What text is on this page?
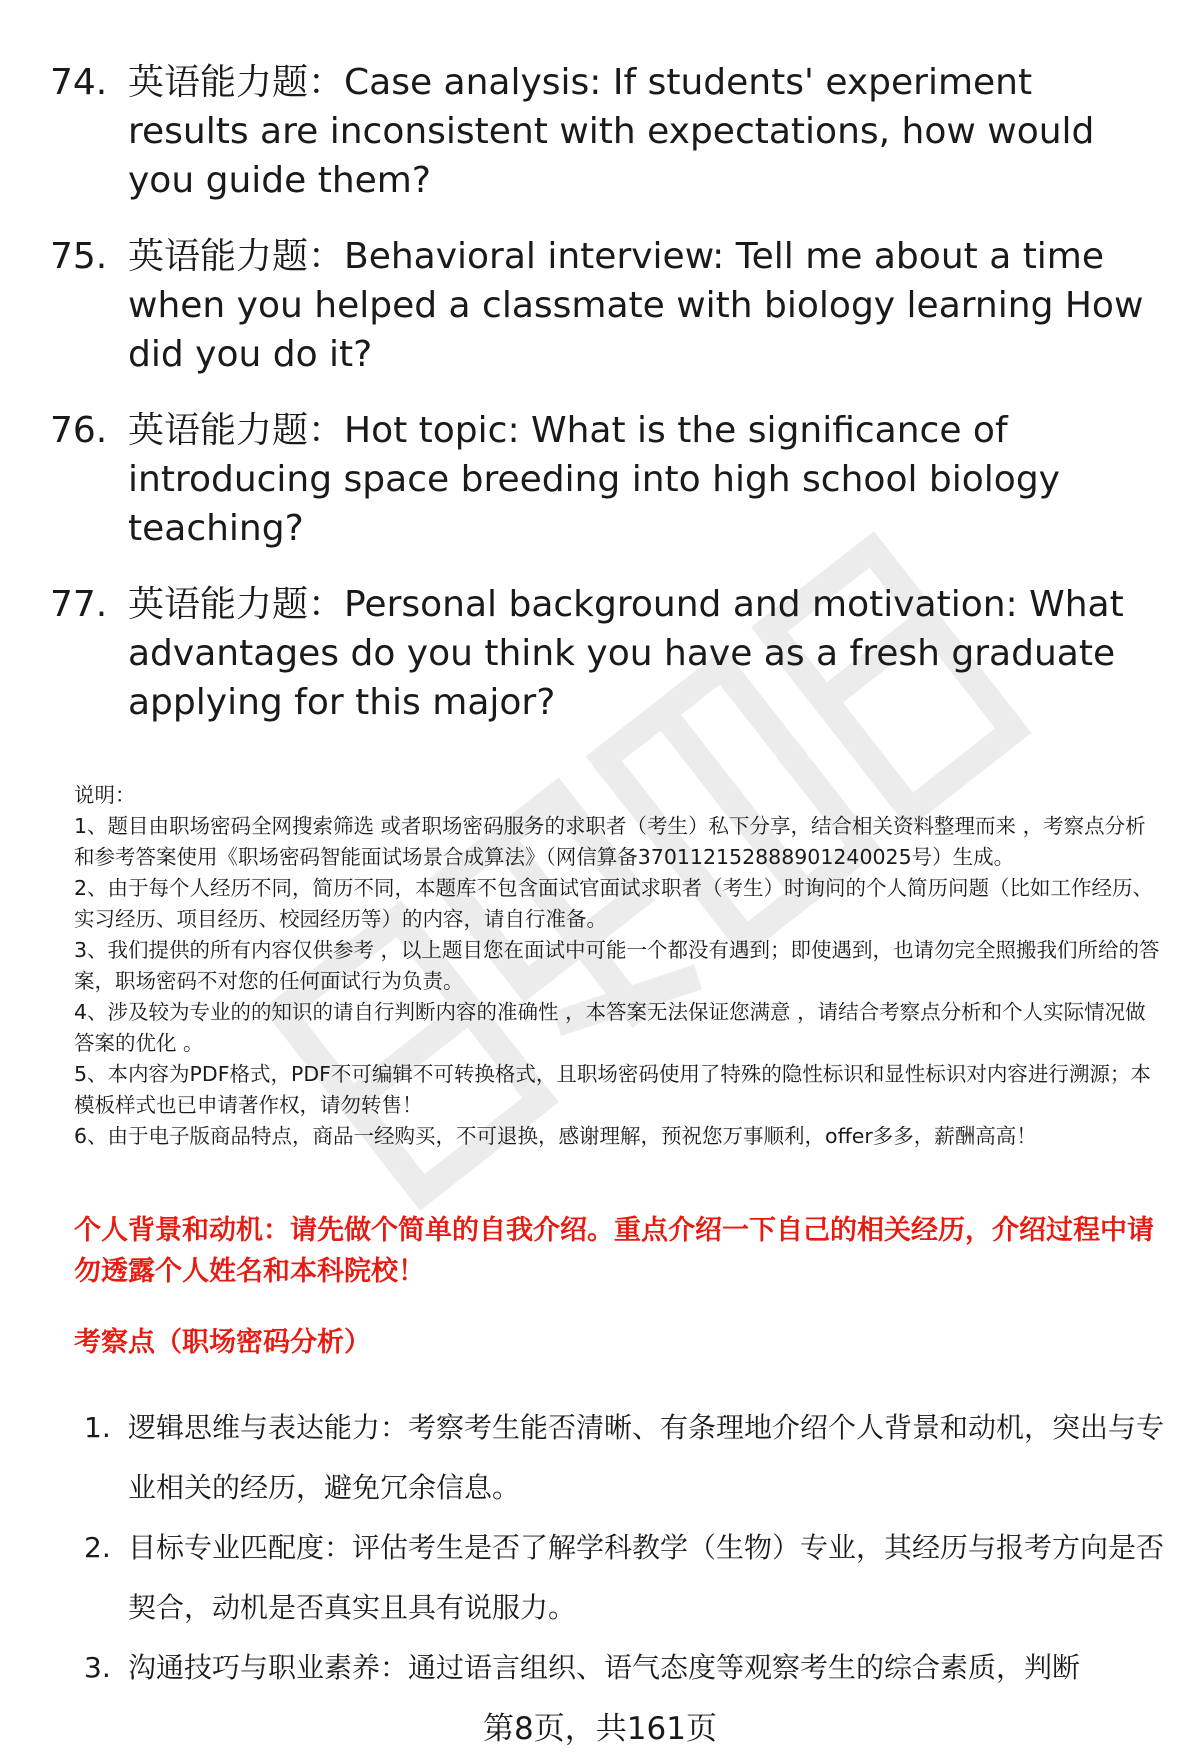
74. 英语能力题：Case analysis: If students' experiment results are inconsistent with expectations, how would you guide them?
75. 英语能力题：Behavioral interview: Tell me about a time when you helped a classmate with biology learning How did you do it?
76. 英语能力题：Hot topic: What is the significance of introducing space breeding into high school biology teaching?
77. 英语能力题：Personal background and motivation: What advantages do you think you have as a fresh graduate applying for this major?

说明：

1、题目由职场密码全网搜索筛选 或者职场密码服务的求职者（考生）私下分享，结合相关资料整理而来 ，考察点分析和参考答案使用《职场密码智能面试场景合成算法》（网信算备370112152888901240025号）生成。

2、由于每个人经历不同，简历不同，本题库不包含面试官面试求职者（考生）时询问的个人简历问题（比如工作经历、实习经历、项目经历、校园经历等）的内容，请自行准备。

3、我们提供的所有内容仅供参考 ，以上题目您在面试中可能一个都没有遇到；即使遇到，也请勿完全照搬我们所给的答案，职场密码不对您的任何面试行为负责。

4、涉及较为专业的的知识的请自行判断内容的准确性 ，本答案无法保证您满意 ，请结合考察点分析和个人实际情况做答案的优化 。

5、本内容为PDF格式，PDF不可编辑不可转换格式，且职场密码使用了特殊的隐性标识和显性标识对内容进行溯源；本模板样式也已申请著作权，请勿转售！

6、由于电子版商品特点，商品一经购买，不可退换，感谢理解，预祝您万事顺利，offer多多，薪酬高高！

个人背景和动机：请先做个简单的自我介绍。重点介绍一下自己的相关经历，介绍过程中请勿透露个人姓名和本科院校！
考察点（职场密码分析）
1. 逻辑思维与表达能力：考察考生能否清晰、有条理地介绍个人背景和动机，突出与专业相关的经历，避免冗余信息。
2. 目标专业匹配度：评估考生是否了解学科教学（生物）专业，其经历与报考方向是否契合，动机是否真实且具有说服力。
3. 沟通技巧与职业素养：通过语言组织、语气态度等观察考生的综合素质，判断
第8页，共161页
